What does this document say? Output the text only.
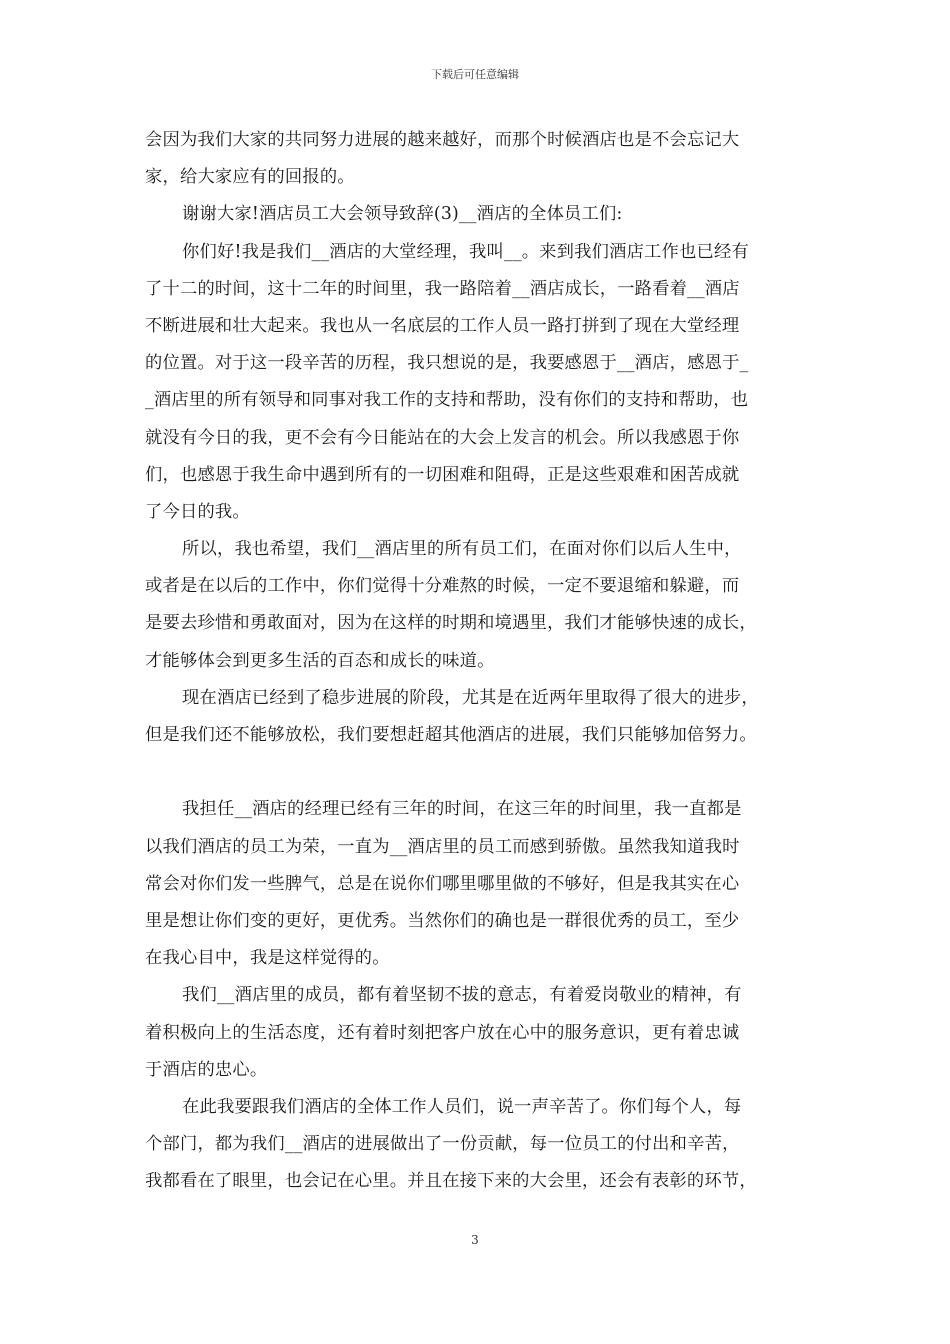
下载后可任意编辑
会因为我们大家的共同努力进展的越来越好，而那个时候酒店也是不会忘记大
家，给大家应有的回报的。
谢谢大家!酒店员工大会领导致辞(3)__酒店的全体员工们:
你们好!我是我们__酒店的大堂经理，我叫__。来到我们酒店工作也已经有
了十二的时间，这十二年的时间里，我一路陪着__酒店成长，一路看着__酒店
不断进展和壮大起来。我也从一名底层的工作人员一路打拼到了现在大堂经理
的位置。对于这一段辛苦的历程，我只想说的是，我要感恩于__酒店，感恩于_
_酒店里的所有领导和同事对我工作的支持和帮助，没有你们的支持和帮助，也
就没有今日的我，更不会有今日能站在的大会上发言的机会。所以我感恩于你
们，也感恩于我生命中遇到所有的一切困难和阻碍，正是这些艰难和困苦成就
了今日的我。
所以，我也希望，我们__酒店里的所有员工们，在面对你们以后人生中，
或者是在以后的工作中，你们觉得十分难熬的时候，一定不要退缩和躲避，而
是要去珍惜和勇敢面对，因为在这样的时期和境遇里，我们才能够快速的成长，
才能够体会到更多生活的百态和成长的味道。
现在酒店已经到了稳步进展的阶段，尤其是在近两年里取得了很大的进步，
但是我们还不能够放松，我们要想赶超其他酒店的进展，我们只能够加倍努力。
我担任__酒店的经理已经有三年的时间，在这三年的时间里，我一直都是
以我们酒店的员工为荣，一直为__酒店里的员工而感到骄傲。虽然我知道我时
常会对你们发一些脾气，总是在说你们哪里哪里做的不够好，但是我其实在心
里是想让你们变的更好，更优秀。当然你们的确也是一群很优秀的员工，至少
在我心目中，我是这样觉得的。
我们__酒店里的成员，都有着坚韧不拔的意志，有着爱岗敬业的精神，有
着积极向上的生活态度，还有着时刻把客户放在心中的服务意识，更有着忠诚
于酒店的忠心。
在此我要跟我们酒店的全体工作人员们，说一声辛苦了。你们每个人，每
个部门，都为我们__酒店的进展做出了一份贡献，每一位员工的付出和辛苦，
我都看在了眼里，也会记在心里。并且在接下来的大会里，还会有表彰的环节，
3
